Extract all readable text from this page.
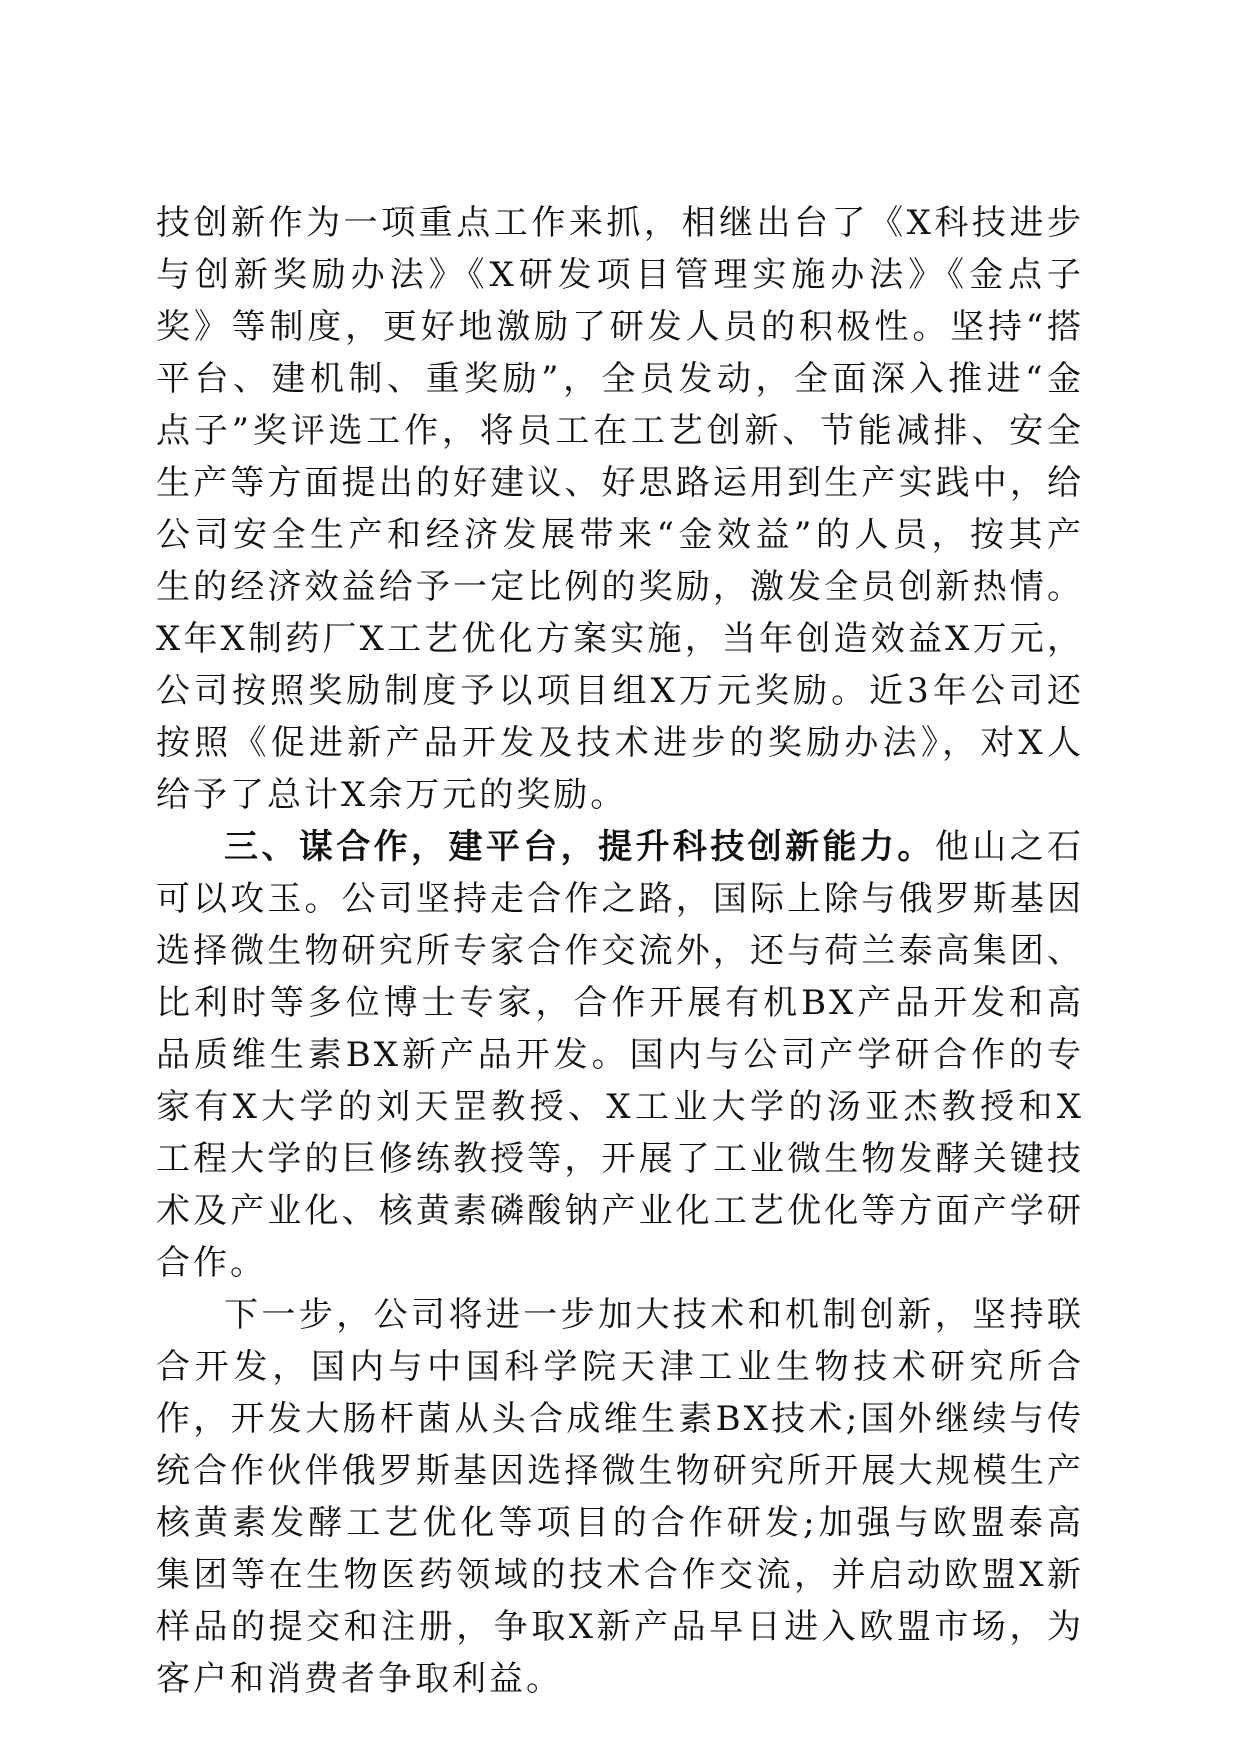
技创新作为一项重点工作来抓，相继出台了《X科技进步与创新奖励办法》《X研发项目管理实施办法》《金点子奖》等制度，更好地激励了研发人员的积极性。坚持“搭平台、建机制、重奖励”，全员发动，全面深入推进“金点子”奖评选工作，将员工在工艺创新、节能减排、安全生产等方面提出的好建议、好思路运用到生产实践中，给公司安全生产和经济发展带来“金效益”的人员，按其产生的经济效益给予一定比例的奖励，激发全员创新热情。X年X制药厂X工艺优化方案实施，当年创造效益X万元，公司按照奖励制度予以项目组X万元奖励。近3年公司还按照《促进新产品开发及技术进步的奖励办法》，对X人给予了总计X余万元的奖励。

三、谋合作，建平台，提升科技创新能力。他山之石可以攻玉。公司坚持走合作之路，国际上除与俄罗斯基因选择微生物研究所专家合作交流外，还与荷兰泰高集团、比利时等多位博士专家，合作开展有机BX产品开发和高品质维生素BX新产品开发。国内与公司产学研合作的专家有X大学的刘天罡教授、X工业大学的汤亚杰教授和X工程大学的巨修练教授等，开展了工业微生物发酵关键技术及产业化、核黄素磷酸钠产业化工艺优化等方面产学研合作。

下一步，公司将进一步加大技术和机制创新，坚持联合开发，国内与中国科学院天津工业生物技术研究所合作，开发大肠杆菌从头合成维生素BX技术;国外继续与传统合作伙伴俄罗斯基因选择微生物研究所开展大规模生产核黄素发酵工艺优化等项目的合作研发;加强与欧盟泰高集团等在生物医药领域的技术合作交流，并启动欧盟X新样品的提交和注册，争取X新产品早日进入欧盟市场，为客户和消费者争取利益。
